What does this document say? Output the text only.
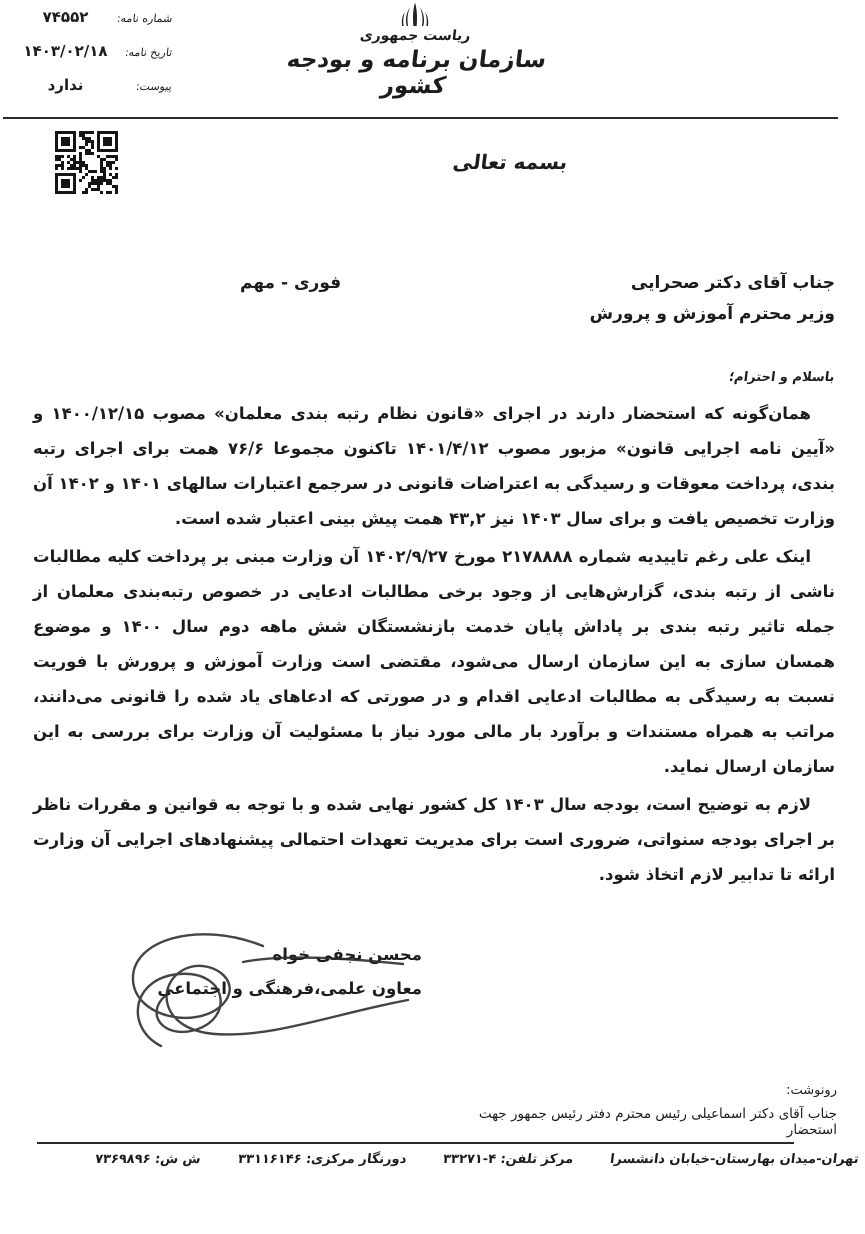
۷۴۵۵۲	شماره نامه:
۱۴۰۳/۰۲/۱۸	تاریخ نامه:
ندارد	پیوست:
ریاست جمهوری
سازمان برنامه و بودجه کشور
بسمه تعالی
جناب آقای دکتر صحرایی
فوری - مهم
وزیر محترم آموزش و پرورش
باسلام و احترام؛

همان‌گونه که استحضار دارند در اجرای «قانون نظام رتبه بندی معلمان» مصوب ۱۴۰۰/۱۲/۱۵ و «آیین نامه اجرایی قانون» مزبور مصوب ۱۴۰۱/۴/۱۲ تاکنون مجموعا ۷۶/۶ همت برای اجرای رتبه بندی، پرداخت معوقات و رسیدگی به اعتراضات قانونی در سرجمع اعتبارات سالهای ۱۴۰۱ و ۱۴۰۲ آن وزارت تخصیص یافت و برای سال ۱۴۰۳ نیز ۴۳,۲ همت پیش بینی اعتبار شده است.

اینک علی رغم تاییدیه شماره ۲۱۷۸۸۸۸ مورخ ۱۴۰۲/۹/۲۷ آن وزارت مبنی بر پرداخت کلیه مطالبات ناشی از رتبه بندی، گزارش‌هایی از وجود برخی مطالبات ادعایی در خصوص رتبه‌بندی معلمان از جمله تاثیر رتبه بندی بر پاداش پایان خدمت بازنشستگان شش ماهه دوم سال ۱۴۰۰ و موضوع همسان سازی به این سازمان ارسال می‌شود، مقتضی است وزارت آموزش و پرورش با فوریت نسبت به رسیدگی به مطالبات ادعایی اقدام و در صورتی که ادعاهای یاد شده را قانونی می‌دانند، مراتب به همراه مستندات و برآورد بار مالی مورد نیاز با مسئولیت آن وزارت برای بررسی به این سازمان ارسال نماید.

لازم به توضیح است، بودجه سال ۱۴۰۳ کل کشور نهایی شده و با توجه به قوانین و مقررات ناظر بر اجرای بودجه سنواتی، ضروری است برای مدیریت تعهدات احتمالی پیشنهادهای اجرایی آن وزارت ارائه تا تدابیر لازم اتخاذ شود.

محسن نجفی خواه
معاون علمی،فرهنگی و اجتماعی
رونوشت:
جناب آقای دکتر اسماعیلی رئیس محترم دفتر رئیس جمهور جهت استحضار
تهران-میدان بهارستان-خیابان دانشسرا
مرکز تلفن: ۴-۳۳۲۷۱
دورنگار مرکزی: ۳۳۱۱۶۱۴۶
ش ش: ۷۳۶۹۸۹۶
